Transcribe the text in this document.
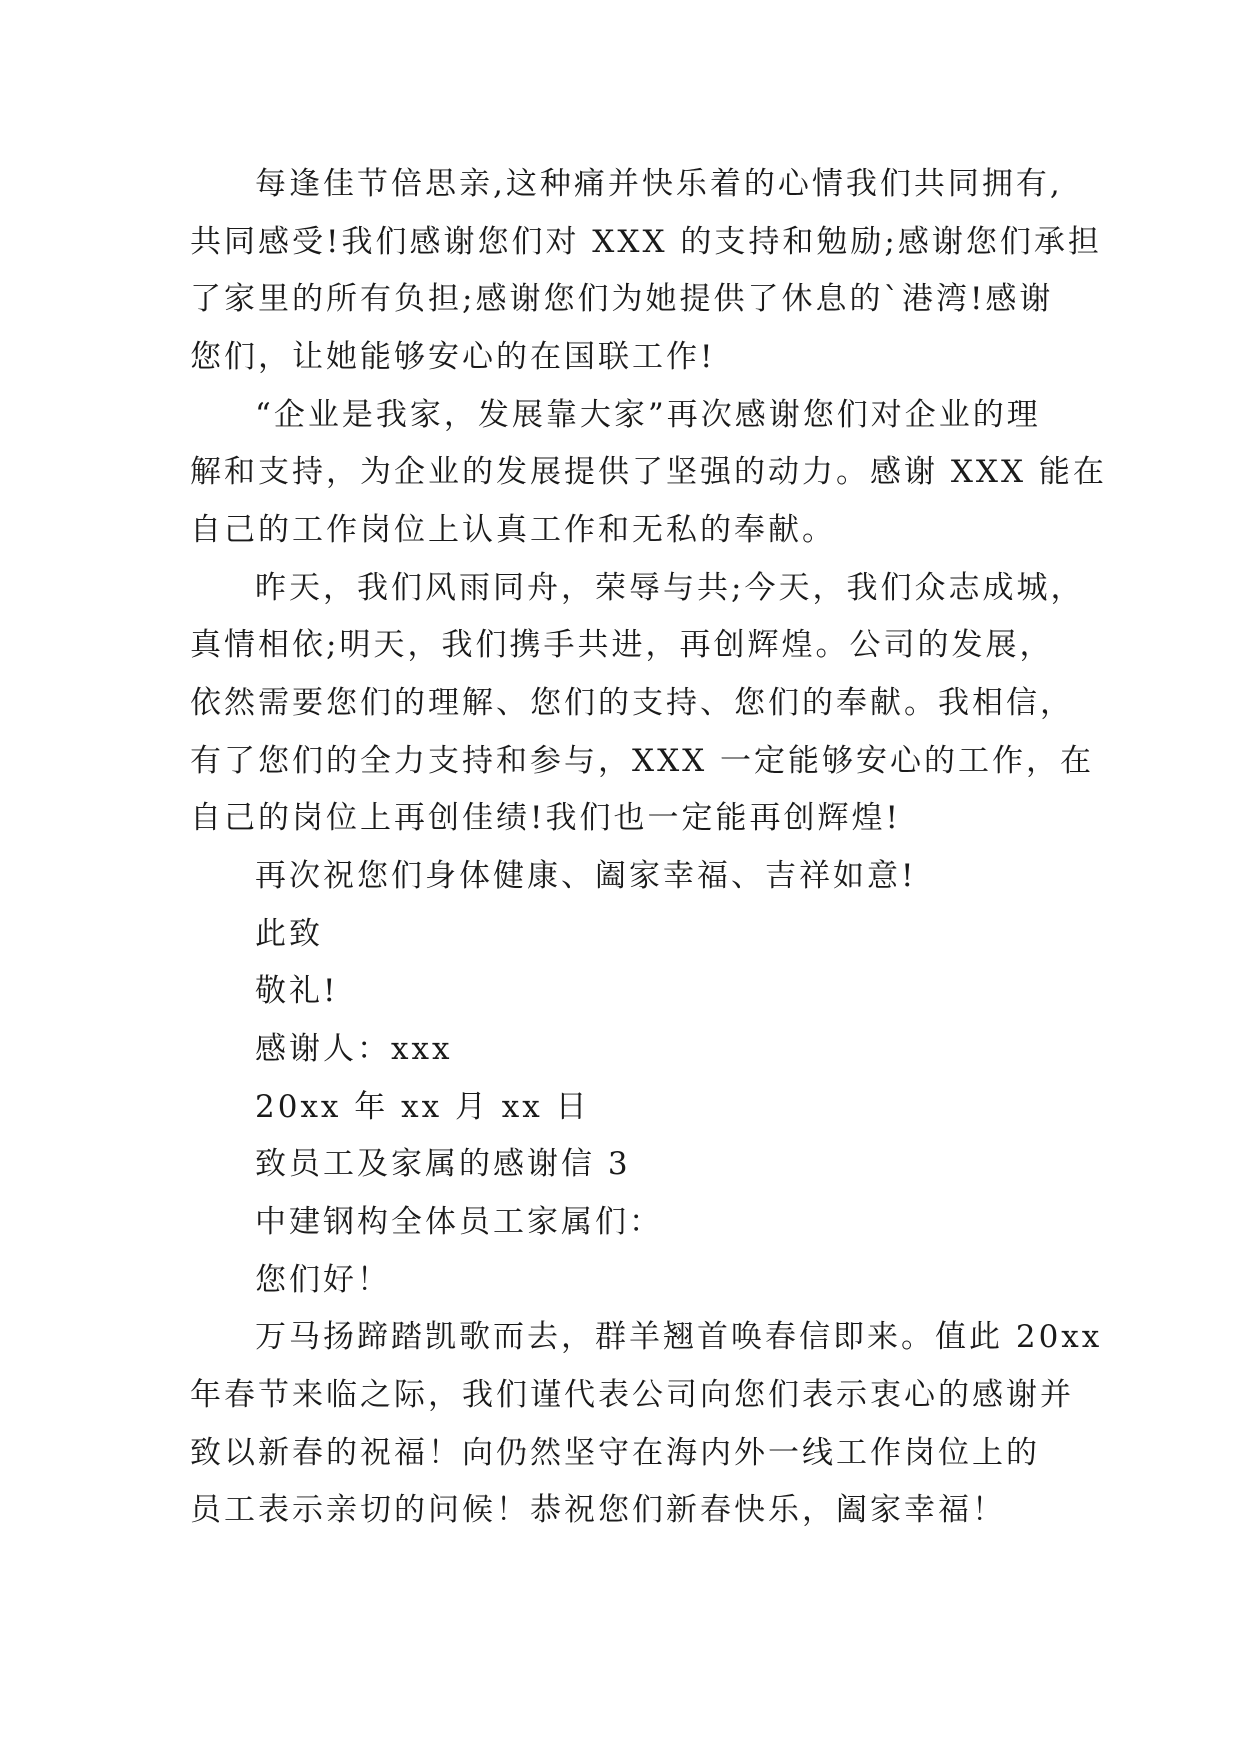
每逢佳节倍思亲,这种痛并快乐着的心情我们共同拥有,
共同感受!我们感谢您们对 XXX 的支持和勉励;感谢您们承担
了家里的所有负担;感谢您们为她提供了休息的`港湾!感谢
您们，让她能够安心的在国联工作!
“企业是我家，发展靠大家”再次感谢您们对企业的理
解和支持，为企业的发展提供了坚强的动力。感谢 XXX 能在
自己的工作岗位上认真工作和无私的奉献。
昨天，我们风雨同舟，荣辱与共;今天，我们众志成城，
真情相依;明天，我们携手共进，再创辉煌。公司的发展，
依然需要您们的理解、您们的支持、您们的奉献。我相信，
有了您们的全力支持和参与，XXX 一定能够安心的工作，在
自己的岗位上再创佳绩!我们也一定能再创辉煌!
再次祝您们身体健康、阖家幸福、吉祥如意!
此致
敬礼!
感谢人：xxx
20xx 年 xx 月 xx 日
致员工及家属的感谢信 3
中建钢构全体员工家属们：
您们好！
万马扬蹄踏凯歌而去，群羊翘首唤春信即来。值此 20xx
年春节来临之际，我们谨代表公司向您们表示衷心的感谢并
致以新春的祝福！向仍然坚守在海内外一线工作岗位上的
员工表示亲切的问候！恭祝您们新春快乐，阖家幸福！
